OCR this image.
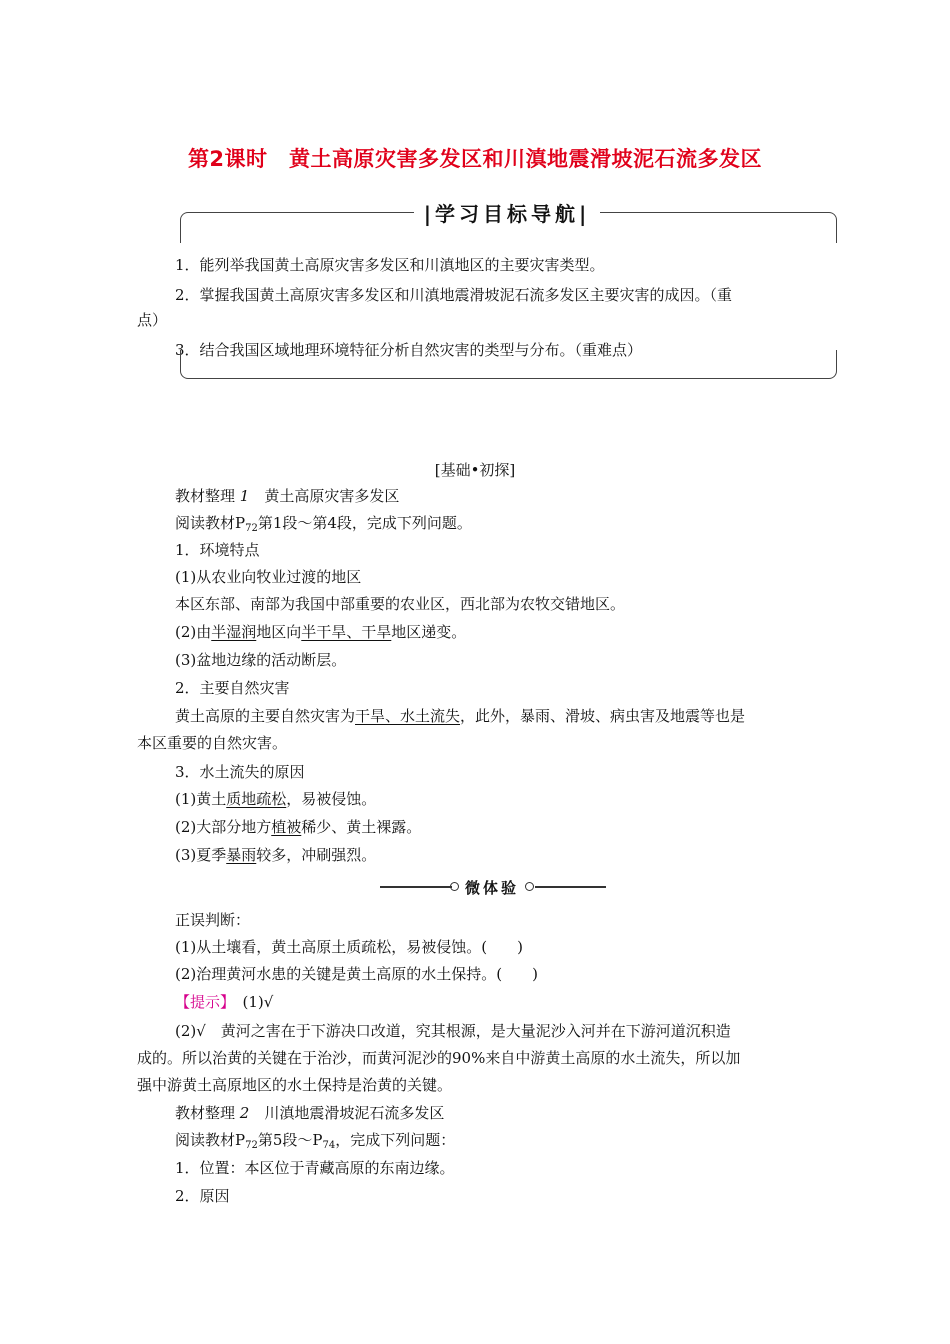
第2课时　黄土高原灾害多发区和川滇地震滑坡泥石流多发区
|学习目标导航|
1．能列举我国黄土高原灾害多发区和川滇地区的主要灾害类型。
2．掌握我国黄土高原灾害多发区和川滇地震滑坡泥石流多发区主要灾害的成因。（重
点）
3．结合我国区域地理环境特征分析自然灾害的类型与分布。（重难点）
[基础•初探]
教材整理 1　黄土高原灾害多发区
阅读教材$P_{72}$第1段～第4段，完成下列问题。
1．环境特点
(1)从农业向牧业过渡的地区
本区东部、南部为我国中部重要的农业区，西北部为农牧交错地区。
(2)由半湿润地区向半干旱、干旱地区递变。
(3)盆地边缘的活动断层。
2．主要自然灾害
黄土高原的主要自然灾害为干旱、水土流失，此外，暴雨、滑坡、病虫害及地震等也是
本区重要的自然灾害。
3．水土流失的原因
(1)黄土质地疏松，易被侵蚀。
(2)大部分地方植被稀少、黄土裸露。
(3)夏季暴雨较多，冲刷强烈。
微体验
正误判断：
(1)从土壤看，黄土高原土质疏松，易被侵蚀。(　　)
(2)治理黄河水患的关键是黄土高原的水土保持。(　　)
【提示】　(1)√
(2)√　黄河之害在于下游决口改道，究其根源，是大量泥沙入河并在下游河道沉积造
成的。所以治黄的关键在于治沙，而黄河泥沙的90%来自中游黄土高原的水土流失，所以加
强中游黄土高原地区的水土保持是治黄的关键。
教材整理 2　川滇地震滑坡泥石流多发区
阅读教材$P_{72}$第5段$\sim P_{74}$，完成下列问题：
1．位置：本区位于青藏高原的东南边缘。
2．原因
